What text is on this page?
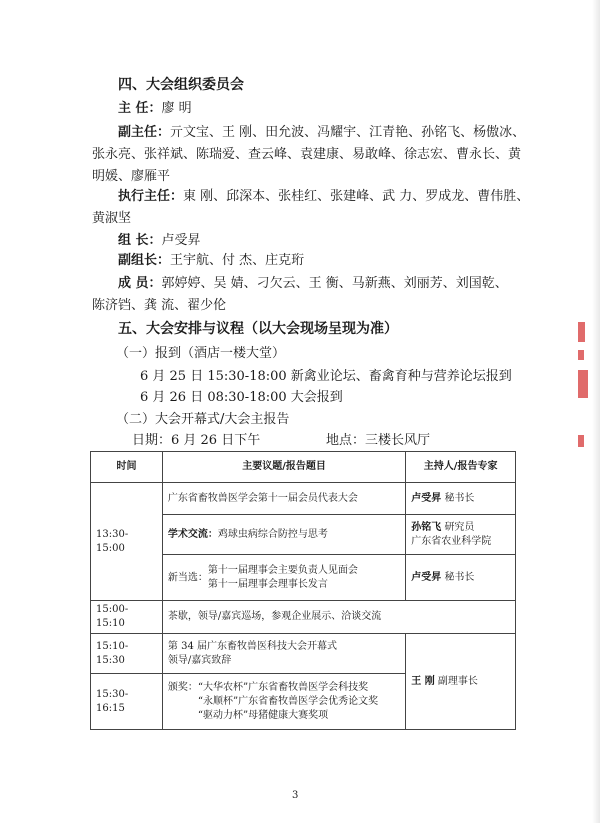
四、大会组织委员会
主 任：廖 明
副主任：亓文宝、王 刚、田允波、冯耀宇、江青艳、孙铭飞、杨傲冰、
张永亮、张祥斌、陈瑞爱、查云峰、袁建康、易敢峰、徐志宏、曹永长、黄
明媛、廖雁平
执行主任：東 刚、邱深本、张桂红、张建峰、武 力、罗成龙、曹伟胜、
黄淑坚
组 长：卢受昇
副组长：王宇航、付 杰、庄克珩
成 员：郭婷婷、吴 婧、刁欠云、王 衡、马新燕、刘丽芳、刘国乾、
陈济铛、龚 流、翟少伦
五、大会安排与议程（以大会现场呈现为准）
（一）报到（酒店一楼大堂）
6 月 25 日 15:30-18:00 新禽业论坛、畜禽育种与营养论坛报到
6 月 26 日 08:30-18:00 大会报到
（二）大会开幕式/大会主报告
日期：6 月 26 日下午	地点：三楼长风厅
时间	主要议题/报告题目	主持人/报告专家
13:30-15:00	广东省畜牧兽医学会第十一届会员代表大会	卢受昇 秘书长
	学术交流：鸡球虫病综合防控与思考	孙铭飞 研究员
广东省农业科学院
	新当选：第十一届理事会主要负责人见面会
第十一届理事会理事长发言	卢受昇 秘书长
15:00-15:10	茶歇，领导/嘉宾巡场，参观企业展示、洽谈交流	
15:10-15:30	第 34 届广东畜牧兽医科技大会开幕式
领导/嘉宾致辞	王 刚 副理事长
15:30-16:15	颁奖：“大华农杯”广东省畜牧兽医学会科技奖
“永顺杯”广东省畜牧兽医学会优秀论文奖
“驱动力杯”母猪健康大赛奖项	
3
